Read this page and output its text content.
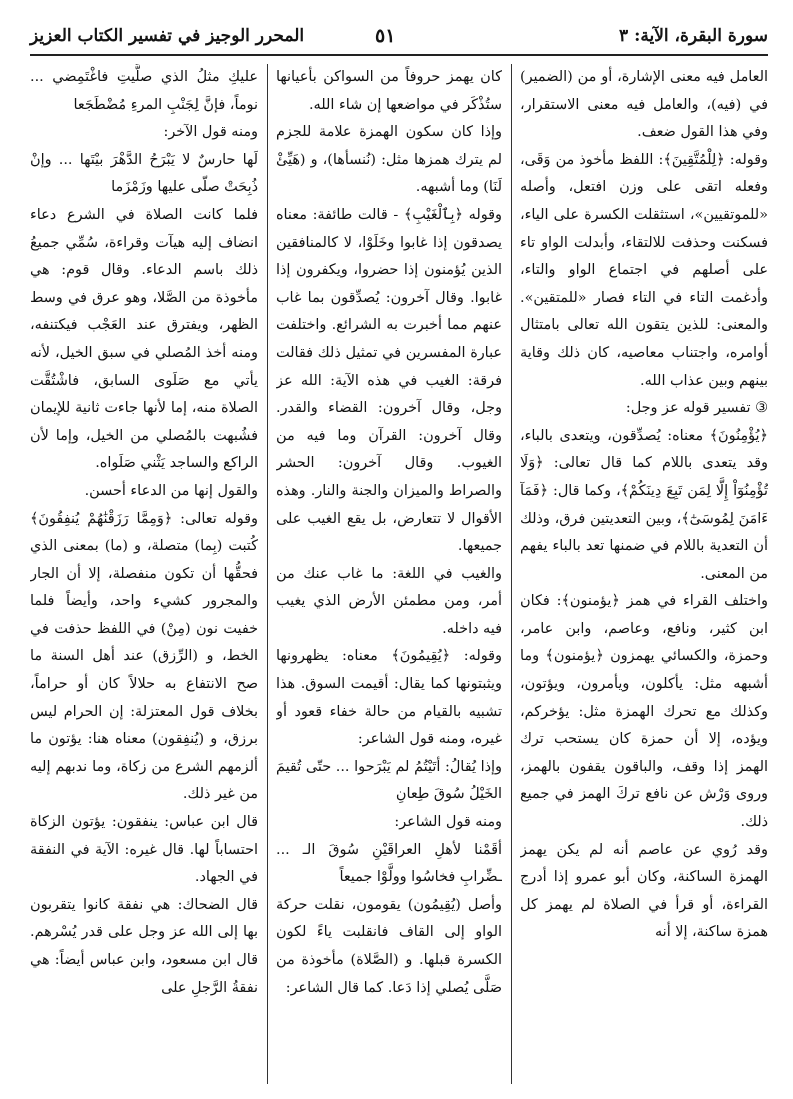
سورة البقرة، الآية: ٣
٥١
المحرر الوجيز في تفسير الكتاب العزيز

العامل فيه معنى الإشارة، أو من (الضمير) في (فيه)، والعامل فيه معنى الاستقرار، وفي هذا القول ضعف.

وقوله: ﴿لِلْمُتَّقِينَ﴾: اللفظ مأخوذ من وَقَى، وفعله اتقى على وزن افتعل، وأصله «للموتقيين»، استثقلت الكسرة على الياء، فسكنت وحذفت للالتقاء، وأبدلت الواو تاء على أصلهم في اجتماع الواو والتاء، وأدغمت التاء في التاء فصار «للمتقين». والمعنى: للذين يتقون الله تعالى بامتثال أوامره، واجتناب معاصيه، كان ذلك وقاية بينهم وبين عذاب الله.

③ تفسير قوله عز وجل:

﴿يُؤْمِنُونَ﴾ معناه: يُصدِّقون، ويتعدى بالباء، وقد يتعدى باللام كما قال تعالى: ﴿وَلَا تُؤْمِنُوٓاْ إِلَّا لِمَن تَبِعَ دِينَكُمْ﴾، وكما قال: ﴿فَمَآ ءَامَنَ لِمُوسَىٰٓ﴾، وبين التعديتين فرق، وذلك أن التعدية باللام في ضمنها تعد بالباء يفهم من المعنى.

واختلف القراء في همز ﴿يؤمنون﴾: فكان ابن كثير، ونافع، وعاصم، وابن عامر، وحمزة، والكسائي يهمزون ﴿يؤمنون﴾ وما أشبهه مثل: يأكلون، ويأمرون، ويؤتون، وكذلك مع تحرك الهمزة مثل: يؤخركم، ويؤده، إلا أن حمزة كان يستحب ترك الهمز إذا وقف، والباقون يقفون بالهمز، وروى وَرْش عن نافع تركَ الهمز في جميع ذلك.

وقد رُوي عن عاصم أنه لم يكن يهمز الهمزة الساكنة، وكان أبو عمرو إذا أدرج القراءة، أو قرأ في الصلاة لم يهمز كل همزة ساكنة، إلا أنه

كان يهمز حروفاً من السواكن بأعيانها ستُذْكَر في مواضعها إن شاء الله.

وإذا كان سكون الهمزة علامة للجزم لم يترك همزها مثل: (نُنسأها)، و (هَيِّئْ لَنَا) وما أشبهه.

وقوله ﴿بِٱلْغَيْبِ﴾ - قالت طائفة: معناه يصدقون إذا غابوا وخَلَوْا، لا كالمنافقين الذين يُؤمنون إذا حضروا، ويكفرون إذا غابوا. وقال آخرون: يُصدِّقون بما غاب عنهم مما أخبرت به الشرائع. واختلفت عبارة المفسرين في تمثيل ذلك فقالت فرقة: الغيب في هذه الآية: الله عز وجل، وقال آخرون: القضاء والقدر. وقال آخرون: القرآن وما فيه من الغيوب. وقال آخرون: الحشر والصراط والميزان والجنة والنار. وهذه الأقوال لا تتعارض، بل يقع الغيب على جميعها.

والغيب في اللغة: ما غاب عنك من أمر، ومن مطمئن الأرض الذي يغيب فيه داخله.

وقوله: ﴿يُقِيمُونَ﴾ معناه: يظهرونها ويثبتونها كما يقال: أقيمت السوق. هذا تشبيه بالقيام من حالة خفاء قعود أو غيره، ومنه قول الشاعر:

وإذا يُقالُ: أتَيْتُمُ لم يَبْرَحوا ... حتّى تُقيمَ الخَيْلُ سُوقَ طِعانِ

ومنه قول الشاعر:

أقَمْنا لأهلِ العراقَيْنِ سُوقَ الـ ... ـضِّرابِ فخاسُوا وولَّوْا جميعاً

وأصل (يُقِيمُون) يقومون، نقلت حركة الواو إلى القاف فانقلبت ياءً لكون الكسرة قبلها. و (الصَّلاة) مأخوذة من صَلَّى يُصلي إذا دَعا. كما قال الشاعر:

عليكِ مثلُ الذي صلَّيتِ فاغْتَمِضي ... نوماً، فإنَّ لِجَنْبِ المرءِ مُضْطَجَعا

ومنه قول الآخر:

لَها حارسٌ لا يَبْرَحُ الدَّهْرَ بيْتَها ... وإنْ ذُبِحَتْ صلّى عليها وزَمْزَما

فلما كانت الصلاة في الشرع دعاء انضاف إليه هيآت وقراءة، سُمِّي جميعُ ذلك باسم الدعاء. وقال قوم: هي مأخوذة من الصَّلا، وهو عرق في وسط الظهر، ويفترق عند العَجْب فيكتنفه، ومنه أخذ المُصلي في سبق الخيل، لأنه يأتي مع صَلَوى السابق، فاشْتُقَّت الصلاة منه، إما لأنها جاءت ثانية للإيمان فشُبهت بالمُصلي من الخيل، وإما لأن الراكع والساجد يَثْني صَلَواه.

والقول إنها من الدعاء أحسن.

وقوله تعالى: ﴿وَمِمَّا رَزَقْنَٰهُمْ يُنفِقُونَ﴾ كُتبت (بِما) متصلة، و (ما) بمعنى الذي فحقُّها أن تكون منفصلة، إلا أن الجار والمجرور كشيء واحد، وأيضاً فلما خفيت نون (مِنْ) في اللفظ حذفت في الخط، و (الرِّزق) عند أهل السنة ما صح الانتفاع به حلالاً كان أو حراماً، بخلاف قول المعتزلة: إن الحرام ليس برزق، و (يُنفِقون) معناه هنا: يؤتون ما ألزمهم الشرع من زكاة، وما ندبهم إليه من غير ذلك.

قال ابن عباس: ينفقون: يؤتون الزكاة احتساباً لها. قال غيره: الآية في النفقة في الجهاد.

قال الضحاك: هي نفقة كانوا يتقربون بها إلى الله عز وجل على قدر يُسْرهم. قال ابن مسعود، وابن عباس أيضاً: هي نفقةُ الرَّجلِ على
